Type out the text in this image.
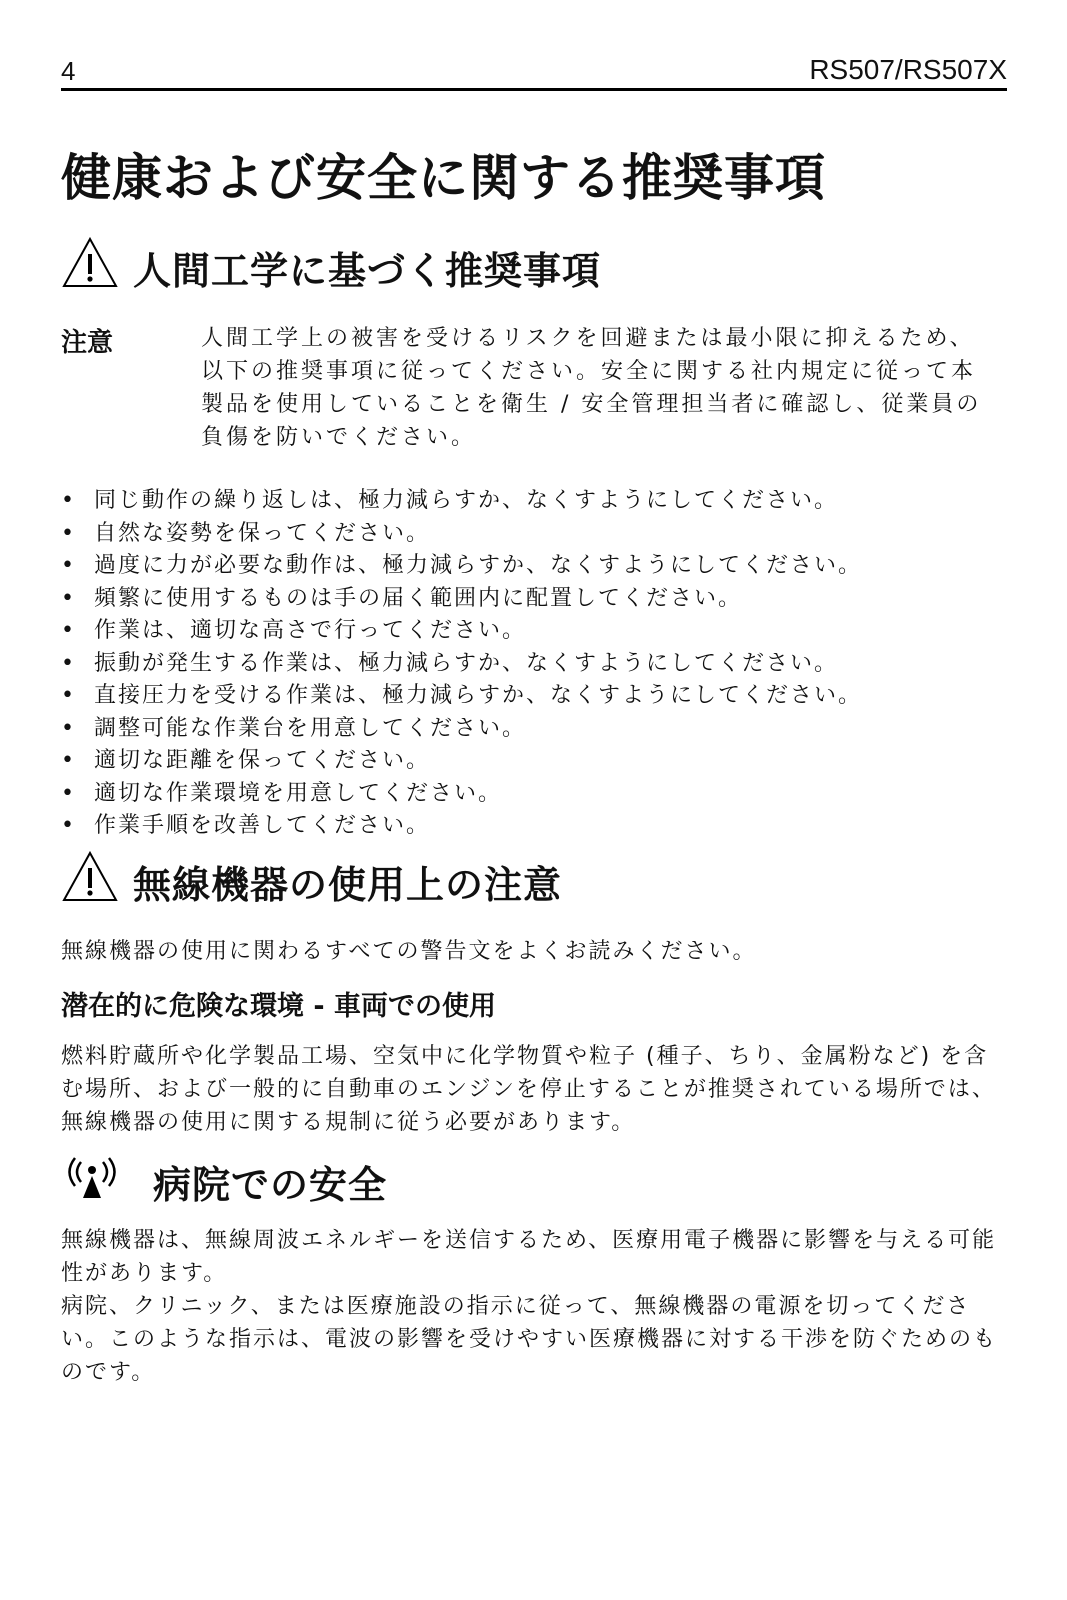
4	RS507/RS507X
健康および安全に関する推奨事項
人間工学に基づく推奨事項
注意	人間工学上の被害を受けるリスクを回避または最小限に抑えるため、以下の推奨事項に従ってください。安全に関する社内規定に従って本製品を使用していることを衛生 / 安全管理担当者に確認し、従業員の負傷を防いでください。
• 同じ動作の繰り返しは、極力減らすか、なくすようにしてください。
• 自然な姿勢を保ってください。
• 過度に力が必要な動作は、極力減らすか、なくすようにしてください。
• 頻繁に使用するものは手の届く範囲内に配置してください。
• 作業は、適切な高さで行ってください。
• 振動が発生する作業は、極力減らすか、なくすようにしてください。
• 直接圧力を受ける作業は、極力減らすか、なくすようにしてください。
• 調整可能な作業台を用意してください。
• 適切な距離を保ってください。
• 適切な作業環境を用意してください。
• 作業手順を改善してください。
無線機器の使用上の注意
無線機器の使用に関わるすべての警告文をよくお読みください。
潜在的に危険な環境 - 車両での使用
燃料貯蔵所や化学製品工場、空気中に化学物質や粒子 (種子、ちり、金属粉など) を含む場所、および一般的に自動車のエンジンを停止することが推奨されている場所では、無線機器の使用に関する規制に従う必要があります。
病院での安全
無線機器は、無線周波エネルギーを送信するため、医療用電子機器に影響を与える可能性があります。
病院、クリニック、または医療施設の指示に従って、無線機器の電源を切ってください。このような指示は、電波の影響を受けやすい医療機器に対する干渉を防ぐためのものです。
